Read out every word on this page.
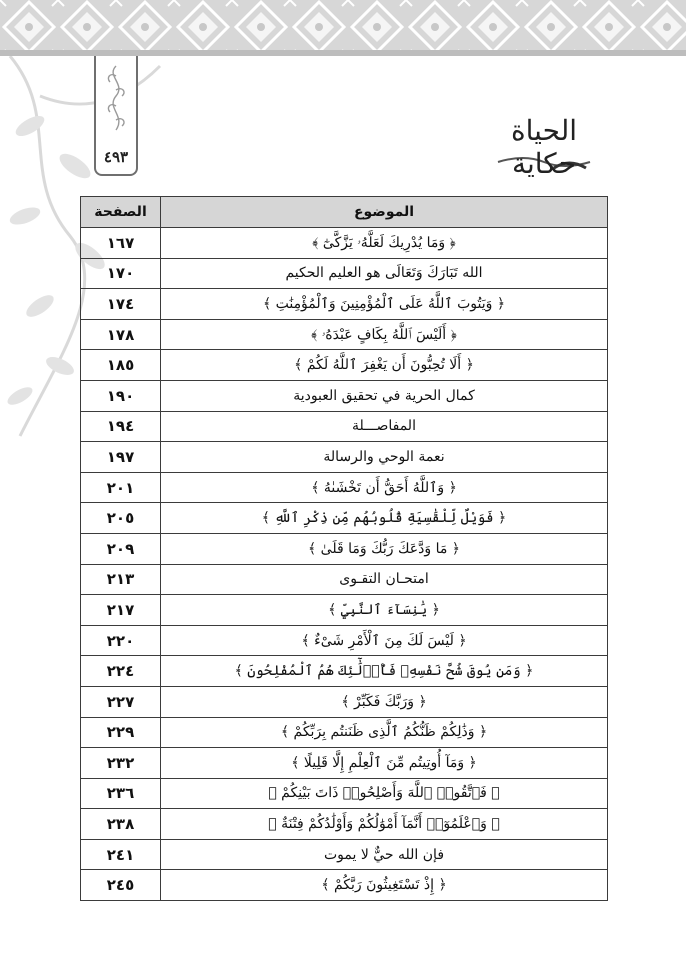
٤٩٣
الحياة حكاية
الموضوع	الصفحة
﴿ وَمَا يُدْرِيكَ لَعَلَّهُۥ يَزَّكَّىٰٓ ﴾	١٦٧
الله تَبَارَكَ وَتَعَالَى هو العليم الحكيم	١٧٠
﴿ وَيَتُوبَ ٱللَّهُ عَلَى ٱلْمُؤْمِنِينَ وَٱلْمُؤْمِنَٰتِ ﴾	١٧٤
﴿ أَلَيْسَ ٱللَّهُ بِكَافٍ عَبْدَهُۥ ﴾	١٧٨
﴿ أَلَا تُحِبُّونَ أَن يَغْفِرَ ٱللَّهُ لَكُمْ ﴾	١٨٥
كمال الحرية في تحقيق العبودية	١٩٠
المفاصـــلة	١٩٤
نعمة الوحي والرسالة	١٩٧
﴿ وَٱللَّهُ أَحَقُّ أَن تَخْشَىٰهُ ﴾	٢٠١
﴿ فَوَيْلٌ لِّلْقَٰسِيَةِ قُلُوبُهُم مِّن ذِكْرِ ٱللَّهِ ﴾	٢٠٥
﴿ مَا وَدَّعَكَ رَبُّكَ وَمَا قَلَىٰ ﴾	٢٠٩
امتحـان التقـوى	٢١٣
﴿ يَٰنِسَآءَ ٱلنَّبِيِّ ﴾	٢١٧
﴿ لَيْسَ لَكَ مِنَ ٱلْأَمْرِ شَىْءٌ ﴾	٢٢٠
﴿ وَمَن يُوقَ شُحَّ نَفْسِهِۦ فَأُو۟لَٰٓئِكَ هُمُ ٱلْمُفْلِحُونَ ﴾	٢٢٤
﴿ وَرَبَّكَ فَكَبِّرْ ﴾	٢٢٧
﴿ وَذَٰلِكُمْ ظَنُّكُمُ ٱلَّذِى ظَنَنتُم بِرَبِّكُمْ ﴾	٢٢٩
﴿ وَمَآ أُوتِيتُم مِّنَ ٱلْعِلْمِ إِلَّا قَلِيلًا ﴾	٢٣٢
﴿ فَٱتَّقُوا۟ ٱللَّهَ وَأَصْلِحُوا۟ ذَاتَ بَيْنِكُمْ ﴾	٢٣٦
﴿ وَٱعْلَمُوٓا۟ أَنَّمَآ أَمْوَٰلُكُمْ وَأَوْلَٰدُكُمْ فِتْنَةٌ ﴾	٢٣٨
فإن الله حيٌّ لا يموت	٢٤١
﴿ إِذْ تَسْتَغِيثُونَ رَبَّكُمْ ﴾	٢٤٥
